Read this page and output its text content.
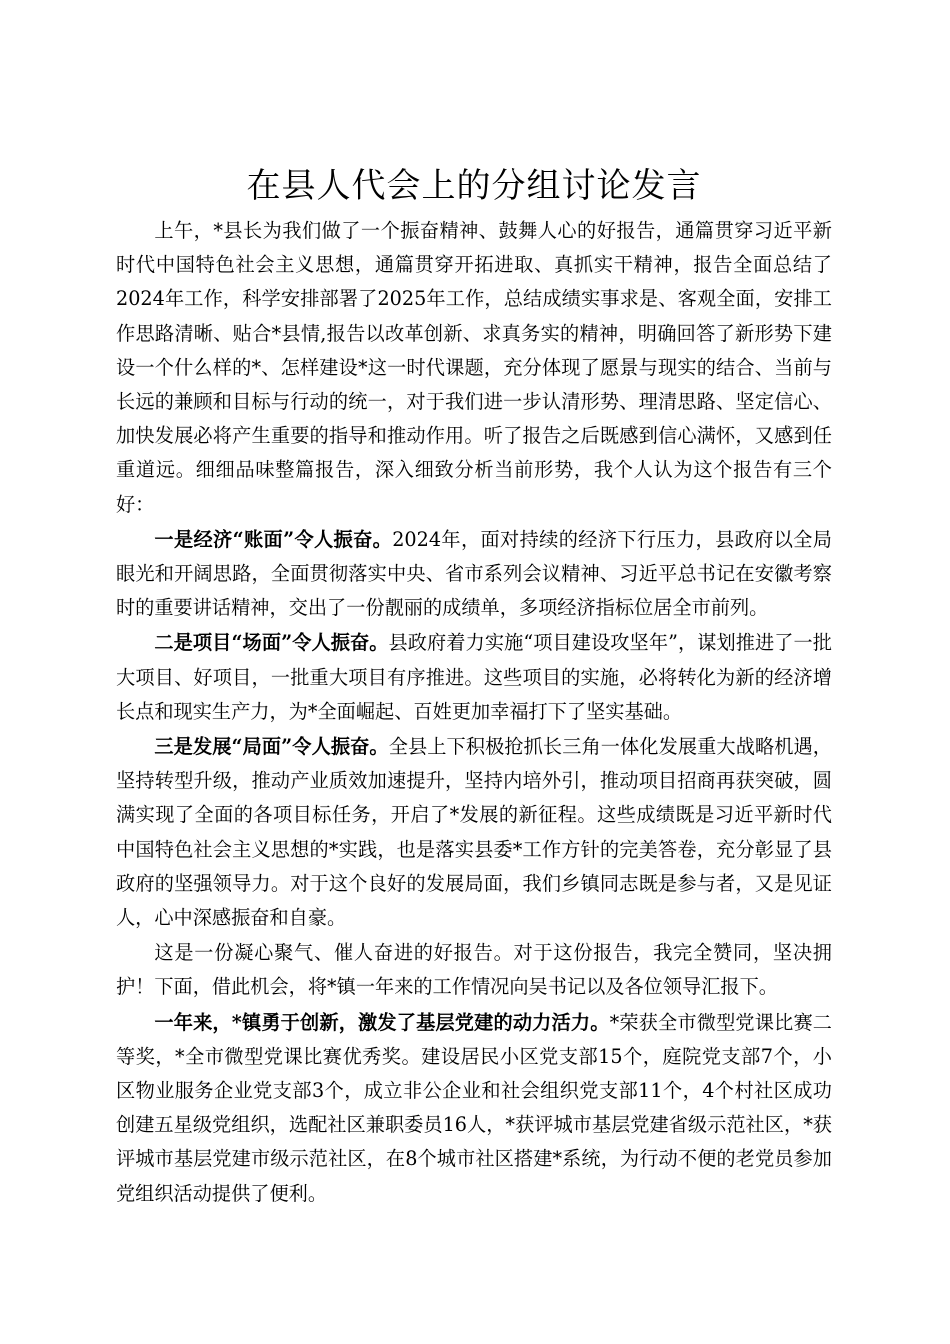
在县人代会上的分组讨论发言

上午，*县长为我们做了一个振奋精神、鼓舞人心的好报告，通篇贯穿习近平新时代中国特色社会主义思想，通篇贯穿开拓进取、真抓实干精神，报告全面总结了2024年工作，科学安排部署了2025年工作，总结成绩实事求是、客观全面，安排工作思路清晰、贴合*县情,报告以改革创新、求真务实的精神，明确回答了新形势下建设一个什么样的*、怎样建设*这一时代课题，充分体现了愿景与现实的结合、当前与长远的兼顾和目标与行动的统一，对于我们进一步认清形势、理清思路、坚定信心、加快发展必将产生重要的指导和推动作用。听了报告之后既感到信心满怀，又感到任重道远。细细品味整篇报告，深入细致分析当前形势，我个人认为这个报告有三个好：

一是经济“账面”令人振奋。2024年，面对持续的经济下行压力，县政府以全局眼光和开阔思路，全面贯彻落实中央、省市系列会议精神、习近平总书记在安徽考察时的重要讲话精神，交出了一份靓丽的成绩单，多项经济指标位居全市前列。

二是项目“场面”令人振奋。县政府着力实施“项目建设攻坚年”，谋划推进了一批大项目、好项目，一批重大项目有序推进。这些项目的实施，必将转化为新的经济增长点和现实生产力，为*全面崛起、百姓更加幸福打下了坚实基础。

三是发展“局面”令人振奋。全县上下积极抢抓长三角一体化发展重大战略机遇，坚持转型升级，推动产业质效加速提升，坚持内培外引，推动项目招商再获突破，圆满实现了全面的各项目标任务，开启了*发展的新征程。这些成绩既是习近平新时代中国特色社会主义思想的*实践，也是落实县委*工作方针的完美答卷，充分彰显了县政府的坚强领导力。对于这个良好的发展局面，我们乡镇同志既是参与者，又是见证人，心中深感振奋和自豪。

这是一份凝心聚气、催人奋进的好报告。对于这份报告，我完全赞同，坚决拥护！下面，借此机会，将*镇一年来的工作情况向吴书记以及各位领导汇报下。

一年来，*镇勇于创新，激发了基层党建的动力活力。*荣获全市微型党课比赛二等奖，*全市微型党课比赛优秀奖。建设居民小区党支部15个，庭院党支部7个，小区物业服务企业党支部3个，成立非公企业和社会组织党支部11个，4个村社区成功创建五星级党组织，选配社区兼职委员16人，*获评城市基层党建省级示范社区，*获评城市基层党建市级示范社区，在8个城市社区搭建*系统，为行动不便的老党员参加党组织活动提供了便利。
